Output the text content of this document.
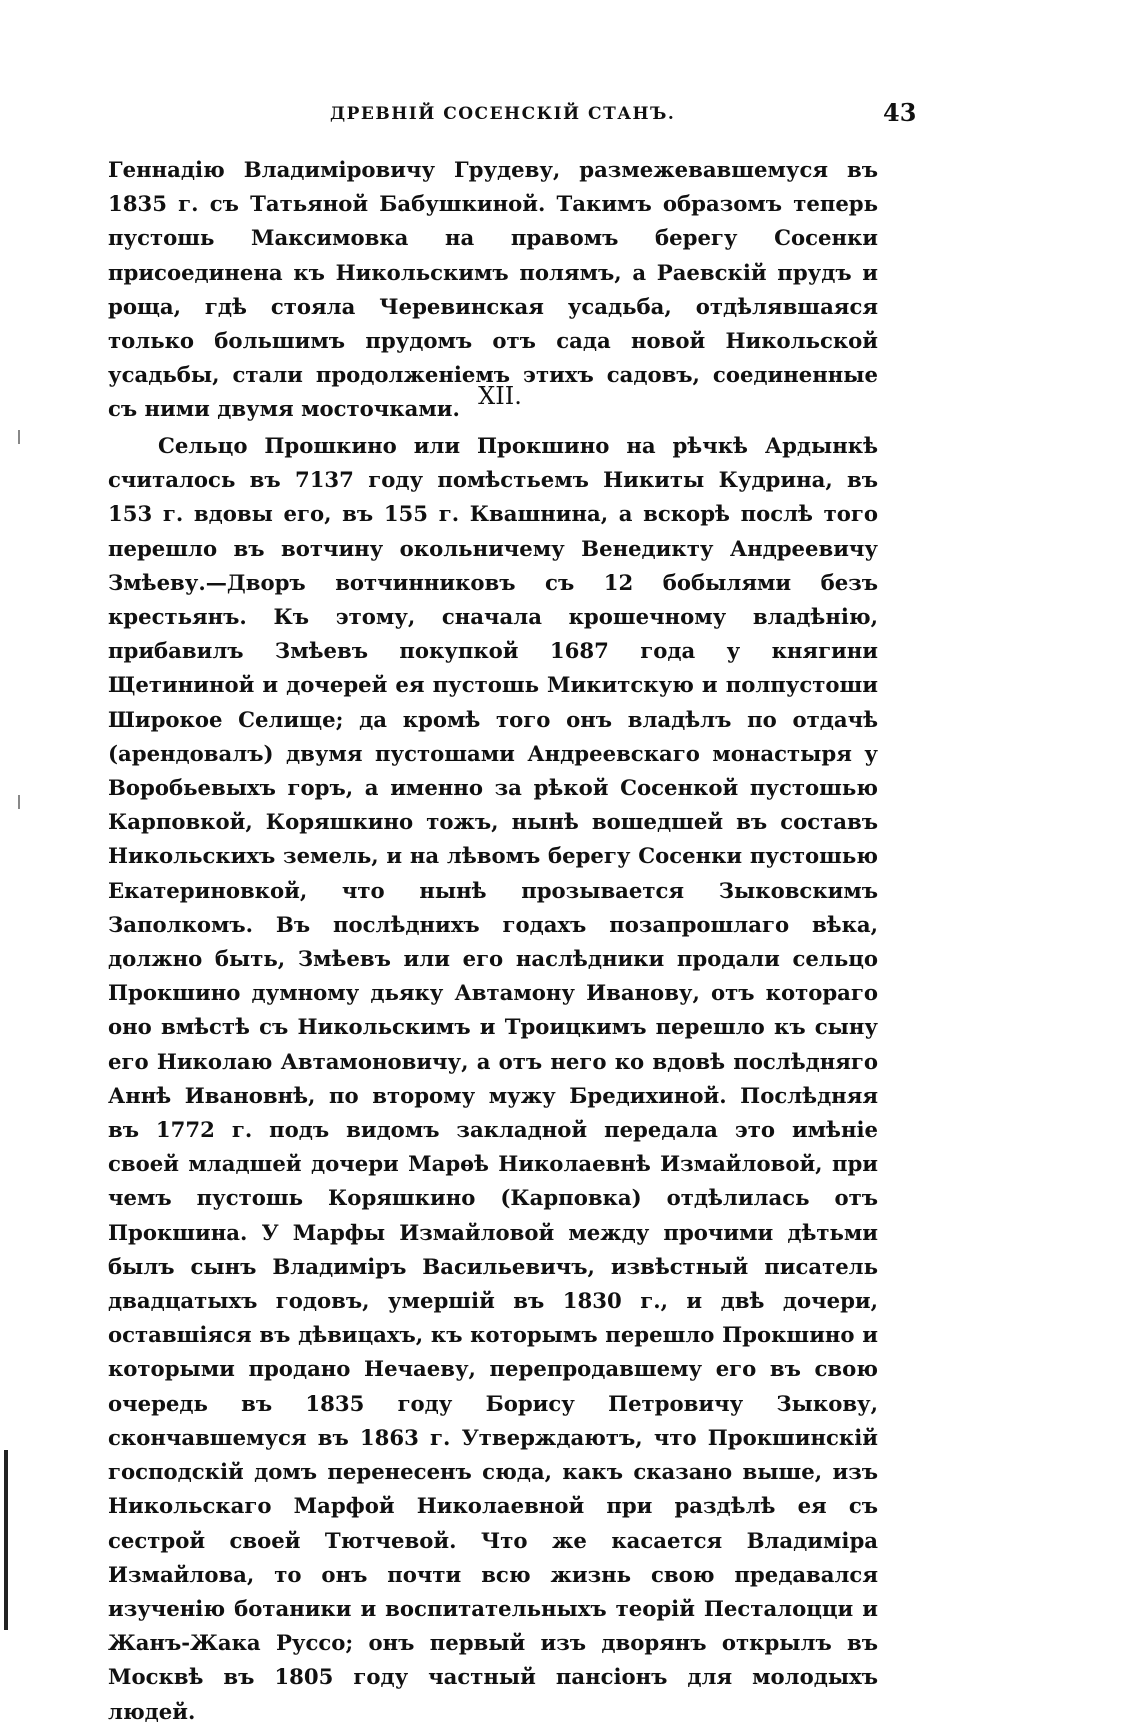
ДРЕВНІЙ СОСЕНСКІЙ СТАНЪ.	43
Геннадію Владиміровичу Грудеву, размежевавшемуся въ 1835 г. съ Татьяной Бабушкиной. Такимъ образомъ теперь пустошь Максимовка на правомъ берегу Сосенки присоединена къ Никольскимъ полямъ, а Раевскій прудъ и роща, гдѣ стояла Черевинская усадьба, отдѣлявшаяся только большимъ прудомъ отъ сада новой Никольской усадьбы, стали продолженіемъ этихъ садовъ, соединенные съ ними двумя мосточками. XII.
Сельцо Прошкино или Прокшино на рѣчкѣ Ардынкѣ считалось въ 7137 году помѣстьемъ Никиты Кудрина, въ 153 г. вдовы его, въ 155 г. Квашнина, а вскорѣ послѣ того перешло въ вотчину окольничему Венедикту Андреевичу Змѣеву.—Дворъ вотчинниковъ съ 12 бобылями безъ крестьянъ. Къ этому, сначала крошечному владѣнію, прибавилъ Змѣевъ покупкой 1687 года у княгини Щетининой и дочерей ея пустошь Микитскую и полпустоши Широкое Селище; да кромѣ того онъ владѣлъ по отдачѣ (арендовалъ) двумя пустошами Андреевскаго монастыря у Воробьевыхъ горъ, а именно за рѣкой Сосенкой пустошью Карповкой, Коряшкино тожъ, нынѣ вошедшей въ составъ Никольскихъ земель, и на лѣвомъ берегу Сосенки пустошью Екатериновкой, что нынѣ прозывается Зыковскимъ Заполкомъ. Въ послѣднихъ годахъ позапрошлаго вѣка, должно быть, Змѣевъ или его наслѣдники продали сельцо Прокшино думному дьяку Автамону Иванову, отъ котораго оно вмѣстѣ съ Никольскимъ и Троицкимъ перешло къ сыну его Николаю Автамоновичу, а отъ него ко вдовѣ послѣдняго Аннѣ Ивановнѣ, по второму мужу Бредихиной. Послѣдняя въ 1772 г. подъ видомъ закладной передала это имѣніе своей младшей дочери Марѳѣ Николаевнѣ Измайловой, при чемъ пустошь Коряшкино (Карповка) отдѣлилась отъ Прокшина. У Марфы Измайловой между прочими дѣтьми былъ сынъ Владиміръ Васильевичъ, извѣстный писатель двадцатыхъ годовъ, умершій въ 1830 г., и двѣ дочери, оставшіяся въ дѣвицахъ, къ которымъ перешло Прокшино и которыми продано Нечаеву, перепродавшему его въ свою очередь въ 1835 году Борису Петровичу Зыкову, скончавшемуся въ 1863 г. Утверждаютъ, что Прокшинскій господскій домъ перенесенъ сюда, какъ сказано выше, изъ Никольскаго Марфой Николаевной при раздѣлѣ ея съ сестрой своей Тютчевой. Что же касается Владиміра Измайлова, то онъ почти всю жизнь свою предавался изученію ботаники и воспитательныхъ теорій Песталоцци и Жанъ-Жака Руссо; онъ первый изъ дворянъ открылъ въ Москвѣ въ 1805 году частный пансіонъ для молодыхъ людей.
